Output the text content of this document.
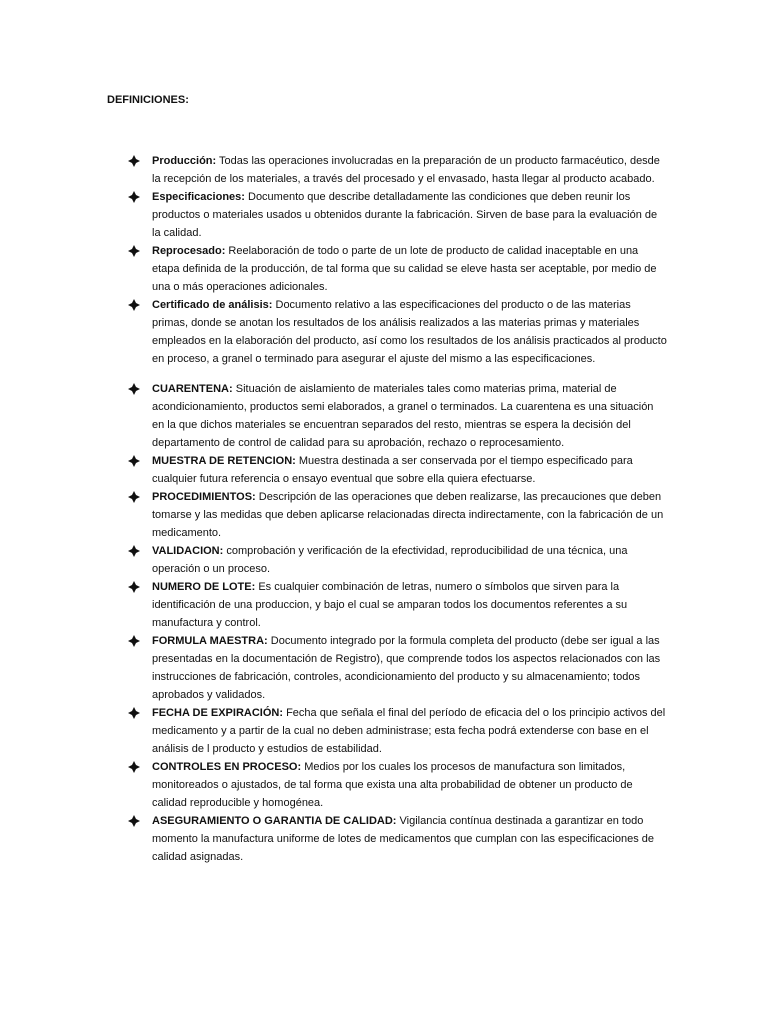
DEFINICIONES:
Producción: Todas las operaciones involucradas en la preparación de un producto farmacéutico, desde la recepción de los materiales, a través del procesado y el envasado, hasta llegar al producto acabado.
Especificaciones: Documento que describe detalladamente las condiciones que deben reunir los productos o materiales usados u obtenidos durante la fabricación. Sirven de base para la evaluación de la calidad.
Reprocesado: Reelaboración de todo o parte de un lote de producto de calidad inaceptable en una etapa definida de la producción, de tal forma que su calidad se eleve hasta ser aceptable, por medio de una o más operaciones adicionales.
Certificado de análisis: Documento relativo a las especificaciones del producto o de las materias primas, donde se anotan los resultados de los análisis realizados a las materias primas y materiales empleados en la elaboración del producto, así como los resultados de los análisis practicados al producto en proceso, a granel o terminado para asegurar el ajuste del mismo a las especificaciones.
CUARENTENA: Situación de aislamiento de materiales tales como materias prima, material de acondicionamiento, productos semi elaborados, a granel o terminados. La cuarentena es una situación en la que dichos materiales se encuentran separados del resto, mientras se espera la decisión del departamento de control de calidad para su aprobación, rechazo o reprocesamiento.
MUESTRA DE RETENCION: Muestra destinada a ser conservada por el tiempo especificado para cualquier futura referencia o ensayo eventual que sobre ella quiera efectuarse.
PROCEDIMIENTOS: Descripción de las operaciones que deben realizarse, las precauciones que deben tomarse y las medidas que deben aplicarse relacionadas directa indirectamente, con la fabricación de un medicamento.
VALIDACION: comprobación y verificación de la efectividad, reproducibilidad de una técnica, una operación o un proceso.
NUMERO DE LOTE: Es cualquier combinación de letras, numero o símbolos que sirven para la identificación de una produccion, y bajo el cual se amparan todos los documentos referentes a su manufactura y control.
FORMULA MAESTRA: Documento integrado por la formula completa del producto (debe ser igual a las presentadas en la documentación de Registro), que comprende todos los aspectos relacionados con las instrucciones de fabricación, controles, acondicionamiento del producto y su almacenamiento; todos aprobados y validados.
FECHA DE EXPIRACIÓN: Fecha que señala el final del período de eficacia del o los principio activos del medicamento y a partir de la cual no deben administrase; esta fecha podrá extenderse con base en el análisis de l producto y estudios de estabilidad.
CONTROLES EN PROCESO: Medios por los cuales los procesos de manufactura son limitados, monitoreados o ajustados, de tal forma que exista una alta probabilidad de obtener un producto de calidad reproducible y homogénea.
ASEGURAMIENTO O GARANTIA DE CALIDAD: Vigilancia contínua destinada a garantizar en todo momento la manufactura uniforme de lotes de medicamentos que cumplan con las especificaciones de calidad asignadas.
